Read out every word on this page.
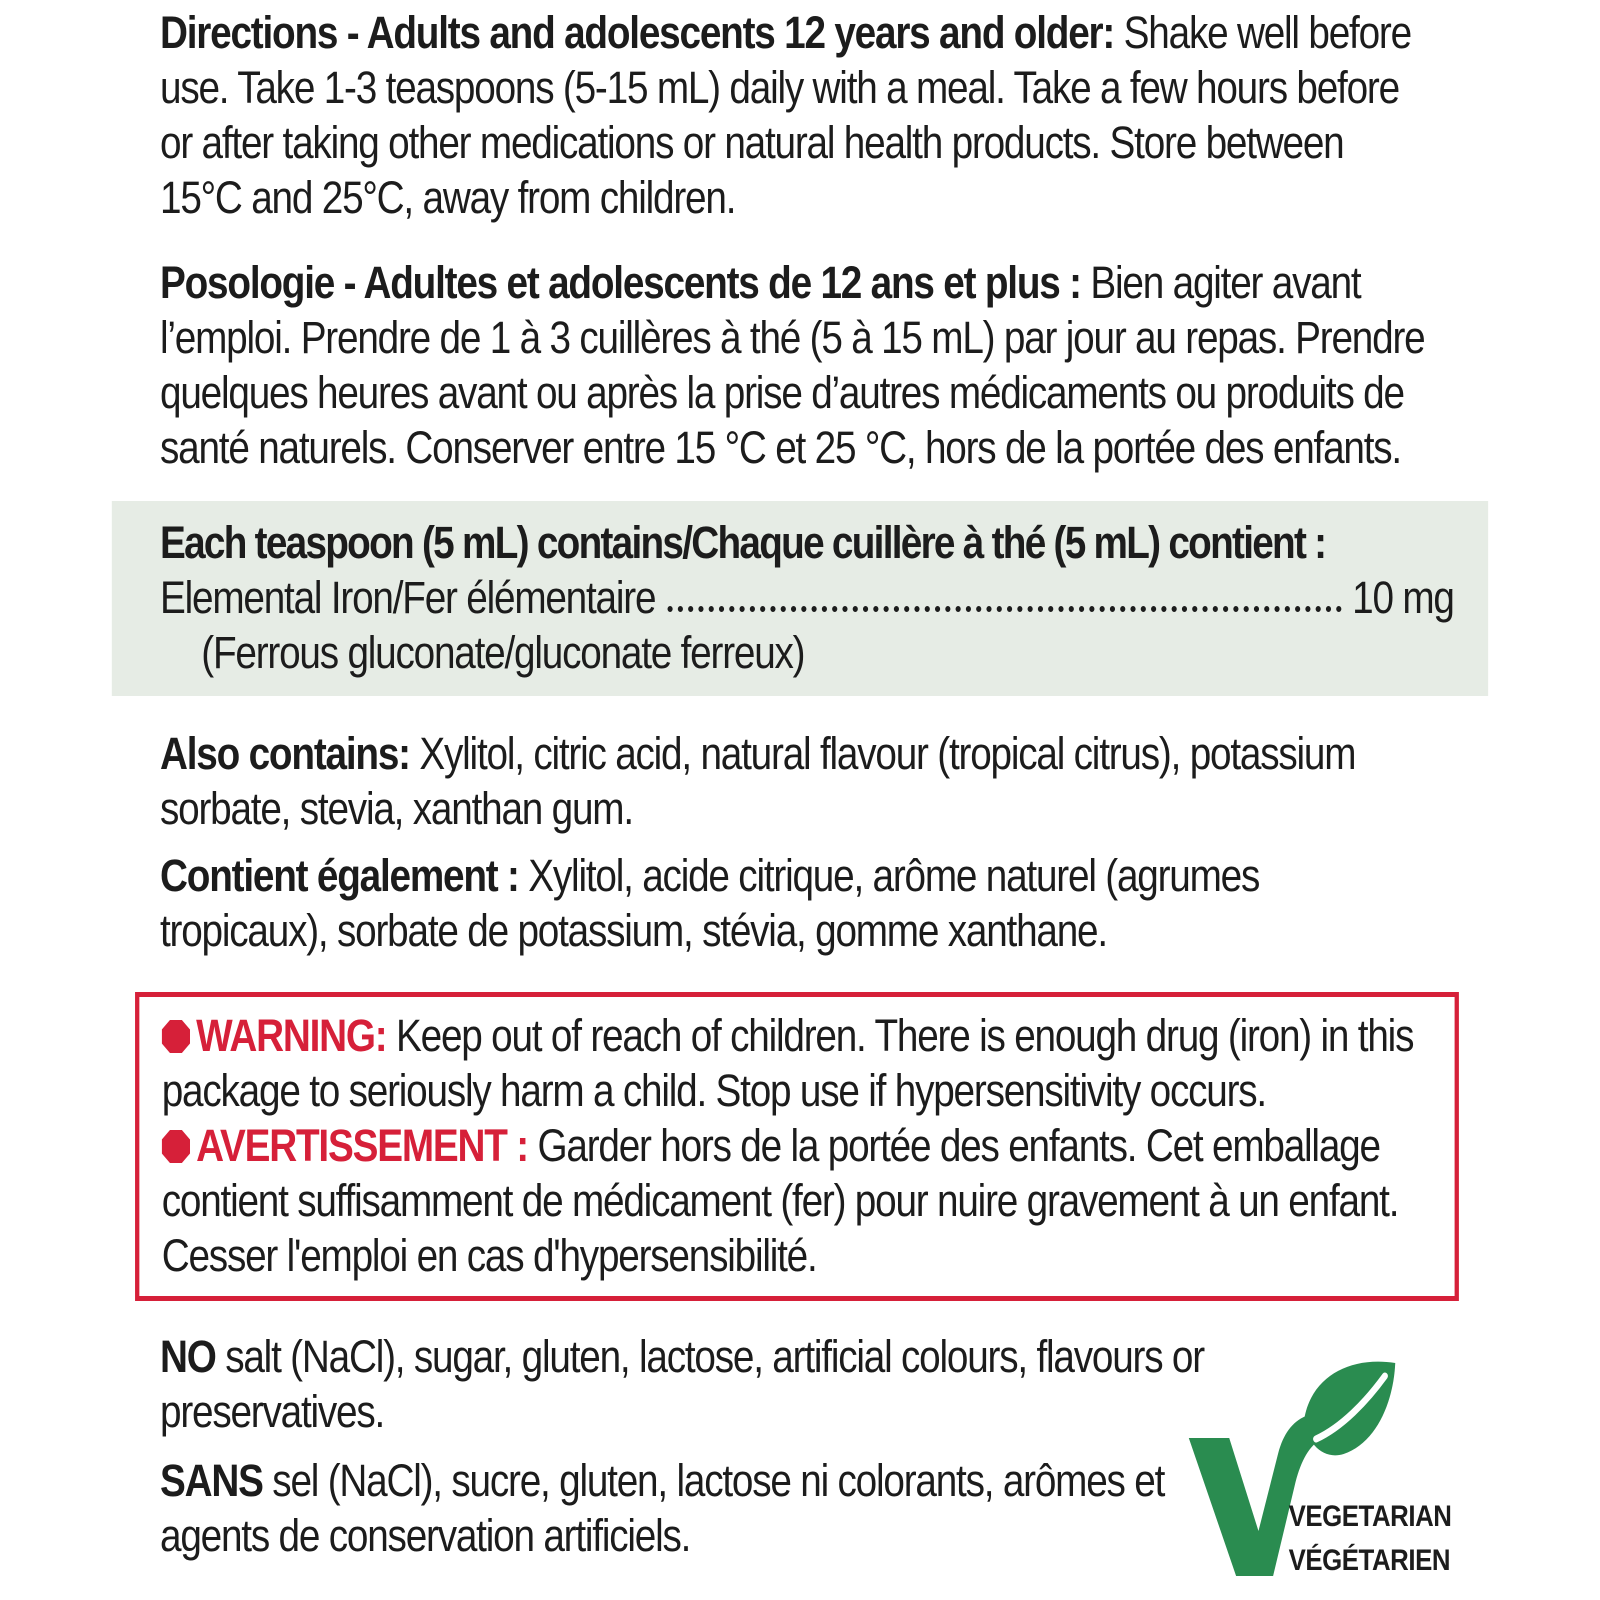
Directions - Adults and adolescents 12 years and older: Shake well before use. Take 1-3 teaspoons (5-15 mL) daily with a meal. Take a few hours before or after taking other medications or natural health products. Store between 15°C and 25°C, away from children.

Posologie - Adultes et adolescents de 12 ans et plus : Bien agiter avant l’emploi. Prendre de 1 à 3 cuillères à thé (5 à 15 mL) par jour au repas. Prendre quelques heures avant ou après la prise d’autres médicaments ou produits de santé naturels. Conserver entre 15 °C et 25 °C, hors de la portée des enfants.

Each teaspoon (5 mL) contains/Chaque cuillère à thé (5 mL) contient :
Elemental Iron/Fer élémentaire	10 mg
(Ferrous gluconate/gluconate ferreux)

Also contains: Xylitol, citric acid, natural flavour (tropical citrus), potassium sorbate, stevia, xanthan gum.

Contient également : Xylitol, acide citrique, arôme naturel (agrumes tropicaux), sorbate de potassium, stévia, gomme xanthane.

WARNING: Keep out of reach of children. There is enough drug (iron) in this package to seriously harm a child. Stop use if hypersensitivity occurs.
AVERTISSEMENT : Garder hors de la portée des enfants. Cet emballage contient suffisamment de médicament (fer) pour nuire gravement à un enfant. Cesser l'emploi en cas d'hypersensibilité.

NO salt (NaCl), sugar, gluten, lactose, artificial colours, flavours or preservatives.

SANS sel (NaCl), sucre, gluten, lactose ni colorants, arômes et agents de conservation artificiels.	VEGETARIAN
VÉGÉTARIEN
